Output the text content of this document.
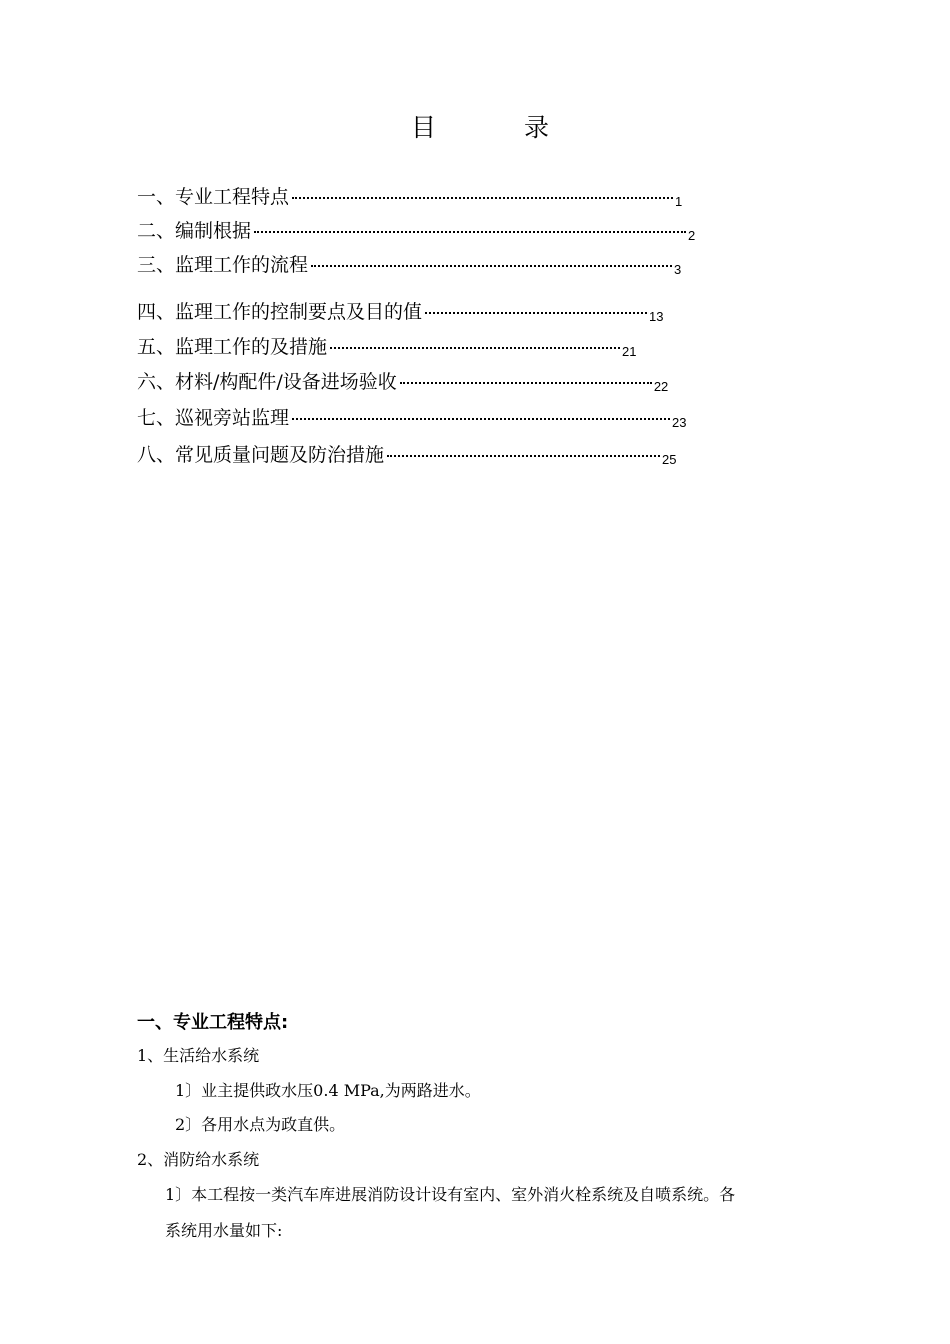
目 录
一、专业工程特点	1
二、编制根据	2
三、监理工作的流程	3
四、监理工作的控制要点及目的值	13
五、监理工作的及措施	21
六、材料/构配件/设备进场验收	22
七、巡视旁站监理	23
八、常见质量问题及防治措施	25
一、专业工程特点:
1、生活给水系统
1〕业主提供政水压0.4 MPa,为两路进水。
2〕各用水点为政直供。
2、消防给水系统
1〕本工程按一类汽车库进展消防设计设有室内、室外消火栓系统及自喷系统。各
系统用水量如下:
